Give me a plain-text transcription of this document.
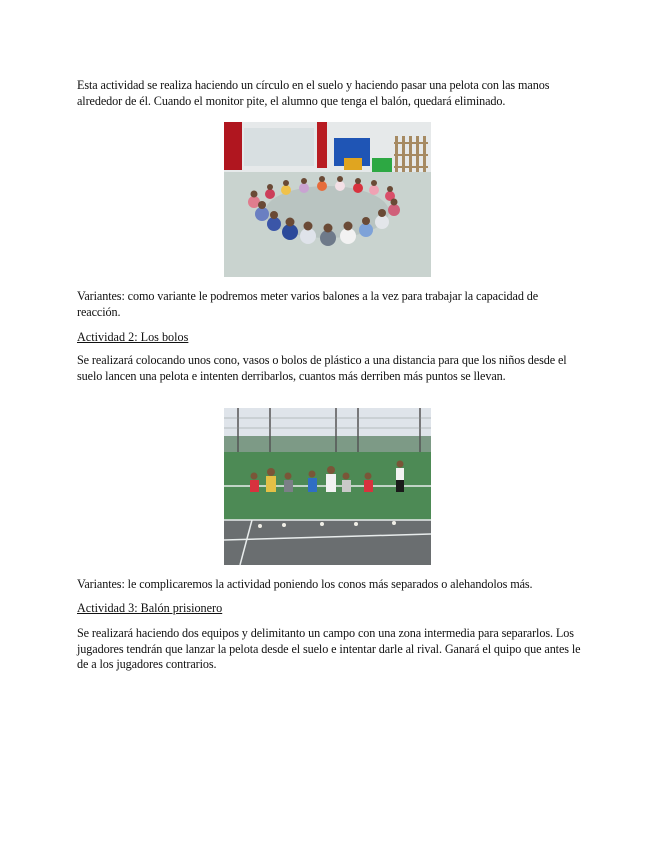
Esta actividad se realiza haciendo un círculo en el suelo y haciendo pasar una pelota con las manos alrededor de él. Cuando el monitor pite, el alumno que tenga el balón, quedará eliminado.

Variantes: como variante le podremos meter varios balones a la vez para trabajar la capacidad de reacción.

Actividad 2: Los bolos

Se realizará colocando unos cono, vasos o bolos de plástico a una distancia para que los niños desde el suelo lancen una pelota e intenten derribarlos, cuantos más derriben más puntos se llevan.

Variantes: le complicaremos la actividad poniendo los conos más separados o alehandolos más.

Actividad 3: Balón prisionero

Se realizará haciendo dos equipos y delimitanto un campo con una zona intermedia para separarlos. Los jugadores tendrán que lanzar la pelota desde el suelo e intentar darle al rival. Ganará el quipo que antes le de a los jugadores contrarios.
